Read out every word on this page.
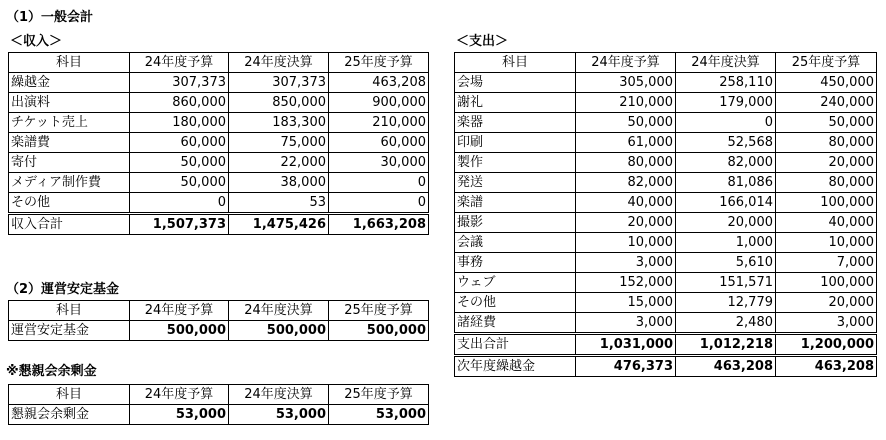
（1）一般会計
＜収入＞	＜支出＞
科目	24年度予算	24年度決算	25年度予算
繰越金	307,373	307,373	463,208
出演料	860,000	850,000	900,000
チケット売上	180,000	183,300	210,000
楽譜費	60,000	75,000	60,000
寄付	50,000	22,000	30,000
メディア制作費	50,000	38,000	0
その他	0	53	0
収入合計	1,507,373	1,475,426	1,663,208
科目	24年度予算	24年度決算	25年度予算
会場	305,000	258,110	450,000
謝礼	210,000	179,000	240,000
楽器	50,000	0	50,000
印刷	61,000	52,568	80,000
製作	80,000	82,000	20,000
発送	82,000	81,086	80,000
楽譜	40,000	166,014	100,000
撮影	20,000	20,000	40,000
会議	10,000	1,000	10,000
事務	3,000	5,610	7,000
ウェブ	152,000	151,571	100,000
その他	15,000	12,779	20,000
諸経費	3,000	2,480	3,000
支出合計	1,031,000	1,012,218	1,200,000
次年度繰越金	476,373	463,208	463,208
（2）運営安定基金
科目	24年度予算	24年度決算	25年度予算
運営安定基金	500,000	500,000	500,000
※懇親会余剰金
科目	24年度予算	24年度決算	25年度予算
懇親会余剰金	53,000	53,000	53,000
